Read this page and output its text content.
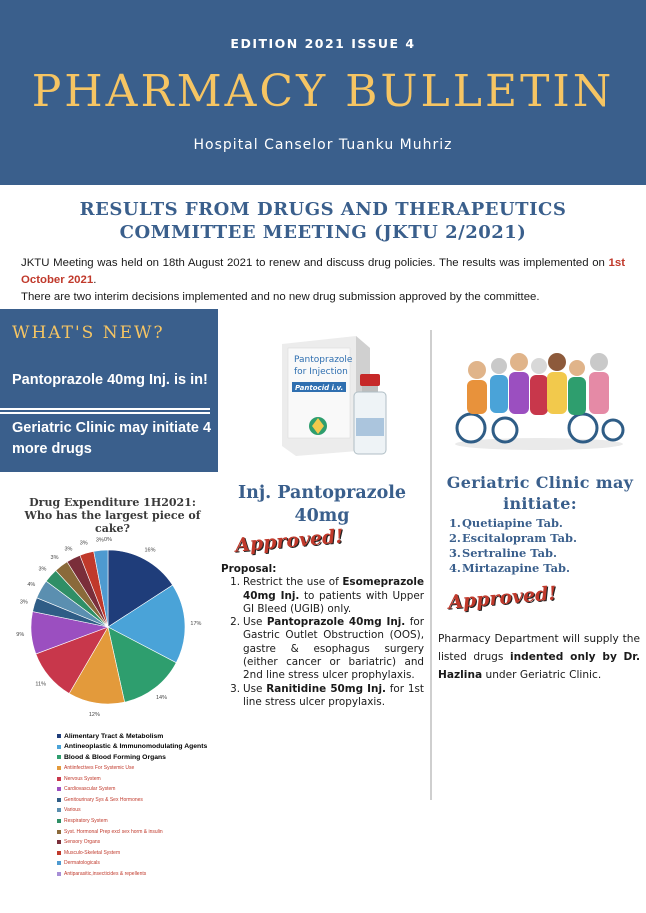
EDITION 2021 ISSUE 4
PHARMACY BULLETIN
Hospital Canselor Tuanku Muhriz
RESULTS FROM DRUGS AND THERAPEUTICS
COMMITTEE MEETING (JKTU 2/2021)
JKTU Meeting was held on 18th August 2021 to renew and discuss drug policies. The results was implemented on 1st October 2021.
There are two interim decisions implemented and no new drug submission approved by the committee.
WHAT'S NEW?
Pantoprazole 40mg Inj. is in!
Geriatric Clinic may initiate 4 more drugs
Drug Expenditure 1H2021: Who has the largest piece of cake?
16%
17%
14%
12%
11%
9%
3%
4%
3%
3%
3%
3%
3% 0%
Alimentary Tract & Metabolism
Antineoplastic & Immunomodulating Agents
Blood & Blood Forming Organs
Antiinfectives For Systemic Use
Nervous System
Cardiovascular System
Genitourinary Sys & Sex Hormones
Various
Respiratory System
Syst. Hormonal Prep excl sex horm & insulin
Sensory Organs
Musculo-Skeletal System
Dermatologicals
Antiparasitic,insecticides & repellents
Pantoprazole
for Injection
Pantocid i.v.
Inj. Pantoprazole
40mg
Approved!
Proposal:
1. Restrict the use of Esomeprazole 40mg Inj. to patients with Upper GI Bleed (UGIB) only.
2. Use Pantoprazole 40mg Inj. for Gastric Outlet Obstruction (OOS), gastre & esophagus surgery (either cancer or bariatric) and 2nd line stress ulcer prophylaxis.
3. Use Ranitidine 50mg Inj. for 1st line stress ulcer propylaxis.
Geriatric Clinic may initiate:
1. Quetiapine Tab.
2. Escitalopram Tab.
3. Sertraline Tab.
4. Mirtazapine Tab.
Approved!
Pharmacy Department will supply the listed drugs indented only by Dr. Hazlina under Geriatric Clinic.
